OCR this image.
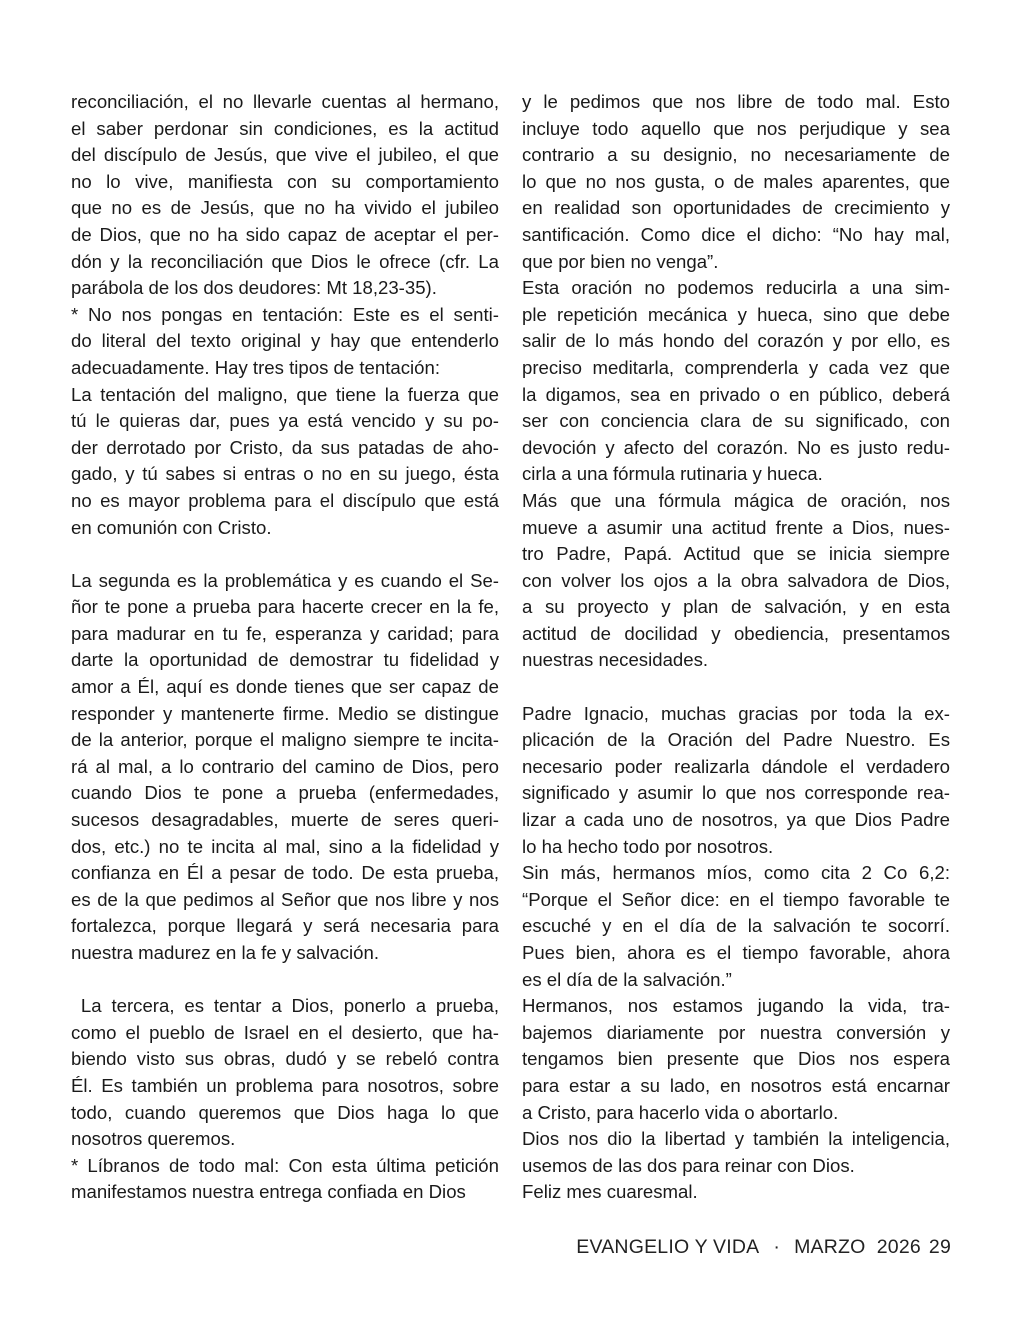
reconciliación, el no llevarle cuentas al hermano,
el saber perdonar sin condiciones, es la actitud
del discípulo de Jesús, que vive el jubileo, el que
no lo vive, manifiesta con su comportamiento
que no es de Jesús, que no ha vivido el jubileo
de Dios, que no ha sido capaz de aceptar el per-
dón y la reconciliación que Dios le ofrece (cfr. La
parábola de los dos deudores: Mt 18,23-35).
* No nos pongas en tentación: Este es el senti-
do literal del texto original y hay que entenderlo
adecuadamente. Hay tres tipos de tentación:
La tentación del maligno, que tiene la fuerza que
tú le quieras dar, pues ya está vencido y su po-
der derrotado por Cristo, da sus patadas de aho-
gado, y tú sabes si entras o no en su juego, ésta
no es mayor problema para el discípulo que está
en comunión con Cristo.
La segunda es la problemática y es cuando el Se-
ñor te pone a prueba para hacerte crecer en la fe,
para madurar en tu fe, esperanza y caridad; para
darte la oportunidad de demostrar tu fidelidad y
amor a Él, aquí es donde tienes que ser capaz de
responder y mantenerte firme. Medio se distingue
de la anterior, porque el maligno siempre te incita-
rá al mal, a lo contrario del camino de Dios, pero
cuando Dios te pone a prueba (enfermedades,
sucesos desagradables, muerte de seres queri-
dos, etc.) no te incita al mal, sino a la fidelidad y
confianza en Él a pesar de todo. De esta prueba,
es de la que pedimos al Señor que nos libre y nos
fortalezca, porque llegará y será necesaria para
nuestra madurez en la fe y salvación.
La tercera, es tentar a Dios, ponerlo a prueba,
como el pueblo de Israel en el desierto, que ha-
biendo visto sus obras, dudó y se rebeló contra
Él. Es también un problema para nosotros, sobre
todo, cuando queremos que Dios haga lo que
nosotros queremos.
* Líbranos de todo mal: Con esta última petición
manifestamos nuestra entrega confiada en Dios
y le pedimos que nos libre de todo mal. Esto
incluye todo aquello que nos perjudique y sea
contrario a su designio, no necesariamente de
lo que no nos gusta, o de males aparentes, que
en realidad son oportunidades de crecimiento y
santificación. Como dice el dicho: “No hay mal,
que por bien no venga”.
Esta oración no podemos reducirla a una sim-
ple repetición mecánica y hueca, sino que debe
salir de lo más hondo del corazón y por ello, es
preciso meditarla, comprenderla y cada vez que
la digamos, sea en privado o en público, deberá
ser con conciencia clara de su significado, con
devoción y afecto del corazón. No es justo redu-
cirla a una fórmula rutinaria y hueca.
Más que una fórmula mágica de oración, nos
mueve a asumir una actitud frente a Dios, nues-
tro Padre, Papá. Actitud que se inicia siempre
con volver los ojos a la obra salvadora de Dios,
a su proyecto y plan de salvación, y en esta
actitud de docilidad y obediencia, presentamos
nuestras necesidades.
Padre Ignacio, muchas gracias por toda la ex-
plicación de la Oración del Padre Nuestro. Es
necesario poder realizarla dándole el verdadero
significado y asumir lo que nos corresponde rea-
lizar a cada uno de nosotros, ya que Dios Padre
lo ha hecho todo por nosotros.
Sin más, hermanos míos, como cita 2 Co 6,2:
“Porque el Señor dice: en el tiempo favorable te
escuché y en el día de la salvación te socorrí.
Pues bien, ahora es el tiempo favorable, ahora
es el día de la salvación.”
Hermanos, nos estamos jugando la vida, tra-
bajemos diariamente por nuestra conversión y
tengamos bien presente que Dios nos espera
para estar a su lado, en nosotros está encarnar
a Cristo, para hacerlo vida o abortarlo.
Dios nos dio la libertad y también la inteligencia,
usemos de las dos para reinar con Dios.
Feliz mes cuaresmal.
EVANGELIO Y VIDA · MARZO  2026 29
